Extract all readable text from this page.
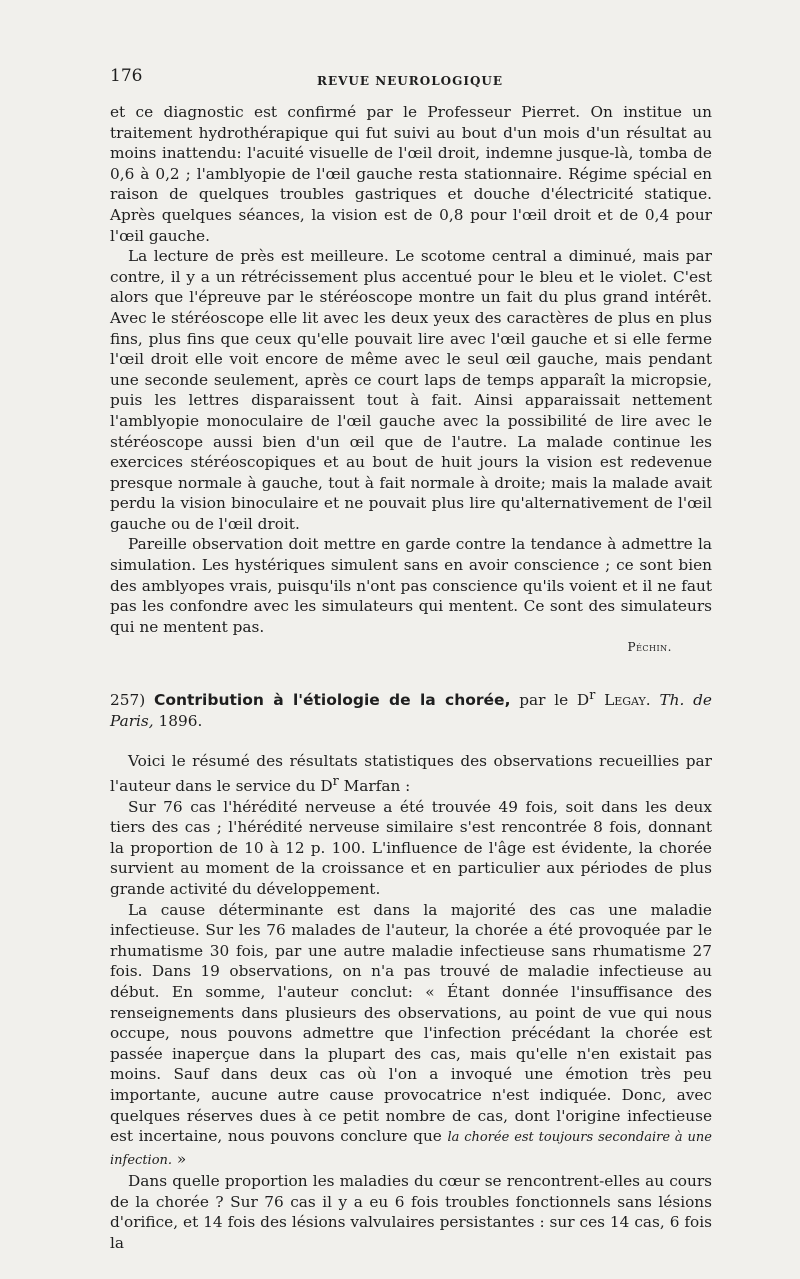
176	REVUE NEUROLOGIQUE

et ce diagnostic est confirmé par le Professeur Pierret. On institue un traitement hydrothérapique qui fut suivi au bout d'un mois d'un résultat au moins inattendu: l'acuité visuelle de l'œil droit, indemne jusque-là, tomba de 0,6 à 0,2 ; l'amblyopie de l'œil gauche resta stationnaire. Régime spécial en raison de quelques troubles gastriques et douche d'électricité statique. Après quelques séances, la vision est de 0,8 pour l'œil droit et de 0,4 pour l'œil gauche.

La lecture de près est meilleure. Le scotome central a diminué, mais par contre, il y a un rétrécissement plus accentué pour le bleu et le violet. C'est alors que l'épreuve par le stéréoscope montre un fait du plus grand intérêt. Avec le stéréoscope elle lit avec les deux yeux des caractères de plus en plus fins, plus fins que ceux qu'elle pouvait lire avec l'œil gauche et si elle ferme l'œil droit elle voit encore de même avec le seul œil gauche, mais pendant une seconde seulement, après ce court laps de temps apparaît la micropsie, puis les lettres disparaissent tout à fait. Ainsi apparaissait nettement l'amblyopie monoculaire de l'œil gauche avec la possibilité de lire avec le stéréoscope aussi bien d'un œil que de l'autre. La malade continue les exercices stéréoscopiques et au bout de huit jours la vision est redevenue presque normale à gauche, tout à fait normale à droite; mais la malade avait perdu la vision binoculaire et ne pouvait plus lire qu'alternativement de l'œil gauche ou de l'œil droit.

Pareille observation doit mettre en garde contre la tendance à admettre la simulation. Les hystériques simulent sans en avoir conscience ; ce sont bien des amblyopes vrais, puisqu'ils n'ont pas conscience qu'ils voient et il ne faut pas les confondre avec les simulateurs qui mentent. Ce sont des simulateurs qui ne mentent pas.

Péchin.

257) Contribution à l'étiologie de la chorée, par le $D^r$ Legay. Th. de Paris, 1896.

Voici le résumé des résultats statistiques des observations recueillies par l'auteur dans le service du $D^r$ Marfan :

Sur 76 cas l'hérédité nerveuse a été trouvée 49 fois, soit dans les deux tiers des cas ; l'hérédité nerveuse similaire s'est rencontrée 8 fois, donnant la proportion de 10 à 12 p. 100. L'influence de l'âge est évidente, la chorée survient au moment de la croissance et en particulier aux périodes de plus grande activité du développement.

La cause déterminante est dans la majorité des cas une maladie infectieuse. Sur les 76 malades de l'auteur, la chorée a été provoquée par le rhumatisme 30 fois, par une autre maladie infectieuse sans rhumatisme 27 fois. Dans 19 observations, on n'a pas trouvé de maladie infectieuse au début. En somme, l'auteur conclut: « Étant donnée l'insuffisance des renseignements dans plusieurs des observations, au point de vue qui nous occupe, nous pouvons admettre que l'infection précédant la chorée est passée inaperçue dans la plupart des cas, mais qu'elle n'en existait pas moins. Sauf dans deux cas où l'on a invoqué une émotion très peu importante, aucune autre cause provocatrice n'est indiquée. Donc, avec quelques réserves dues à ce petit nombre de cas, dont l'origine infectieuse est incertaine, nous pouvons conclure que la chorée est toujours secondaire à une infection. »

Dans quelle proportion les maladies du cœur se rencontrent-elles au cours de la chorée ? Sur 76 cas il y a eu 6 fois troubles fonctionnels sans lésions d'orifice, et 14 fois des lésions valvulaires persistantes : sur ces 14 cas, 6 fois la
